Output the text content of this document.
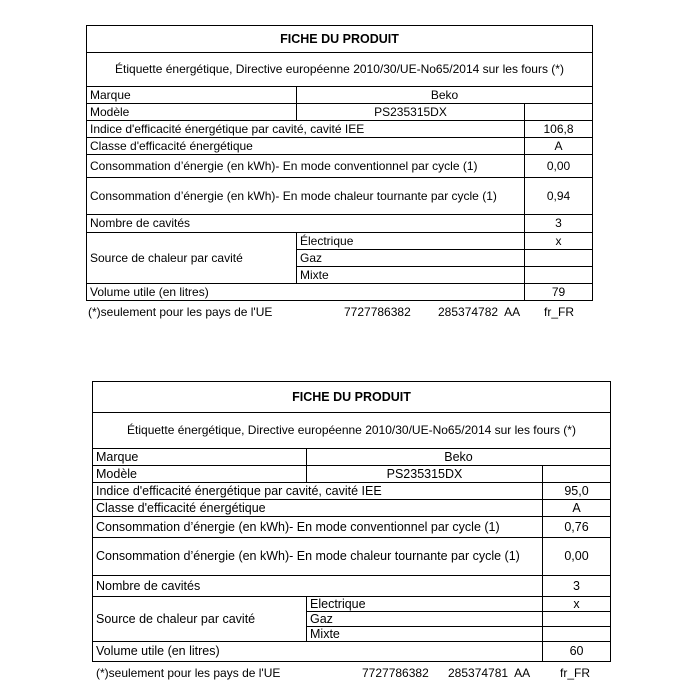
FICHE DU PRODUIT		
Étiquette énergétique, Directive européenne 2010/30/UE-No65/2014 sur les fours (*)		
Marque	Beko	
Modèle	PS235315DX	
Indice d'efficacité énergétique par cavité, cavité IEE		106,8
Classe d'efficacité énergétique		A
Consommation d’énergie (en kWh)- En mode conventionnel par cycle (1)		0,00
Consommation d’énergie (en kWh)- En mode chaleur tournante par cycle (1)		0,94
Nombre de cavités		3
Source de chaleur par cavité	Électrique	x
	Gaz	
	Mixte	
Volume utile (en litres)		79
(*)seulement pour les pays de l'UE	7727786382 285374782  AA fr_FR
FICHE DU PRODUIT		
Étiquette énergétique, Directive européenne 2010/30/UE-No65/2014 sur les fours (*)		
Marque	Beko	
Modèle	PS235315DX	
Indice d'efficacité énergétique par cavité, cavité IEE		95,0
Classe d'efficacité énergétique		A
Consommation d’énergie (en kWh)- En mode conventionnel par cycle (1)		0,76
Consommation d’énergie (en kWh)- En mode chaleur tournante par cycle (1)		0,00
Nombre de cavités		3
Source de chaleur par cavité	Electrique	x
	Gaz	
	Mixte	
Volume utile (en litres)		60
(*)seulement pour les pays de l'UE	7727786382 285374781  AA fr_FR
